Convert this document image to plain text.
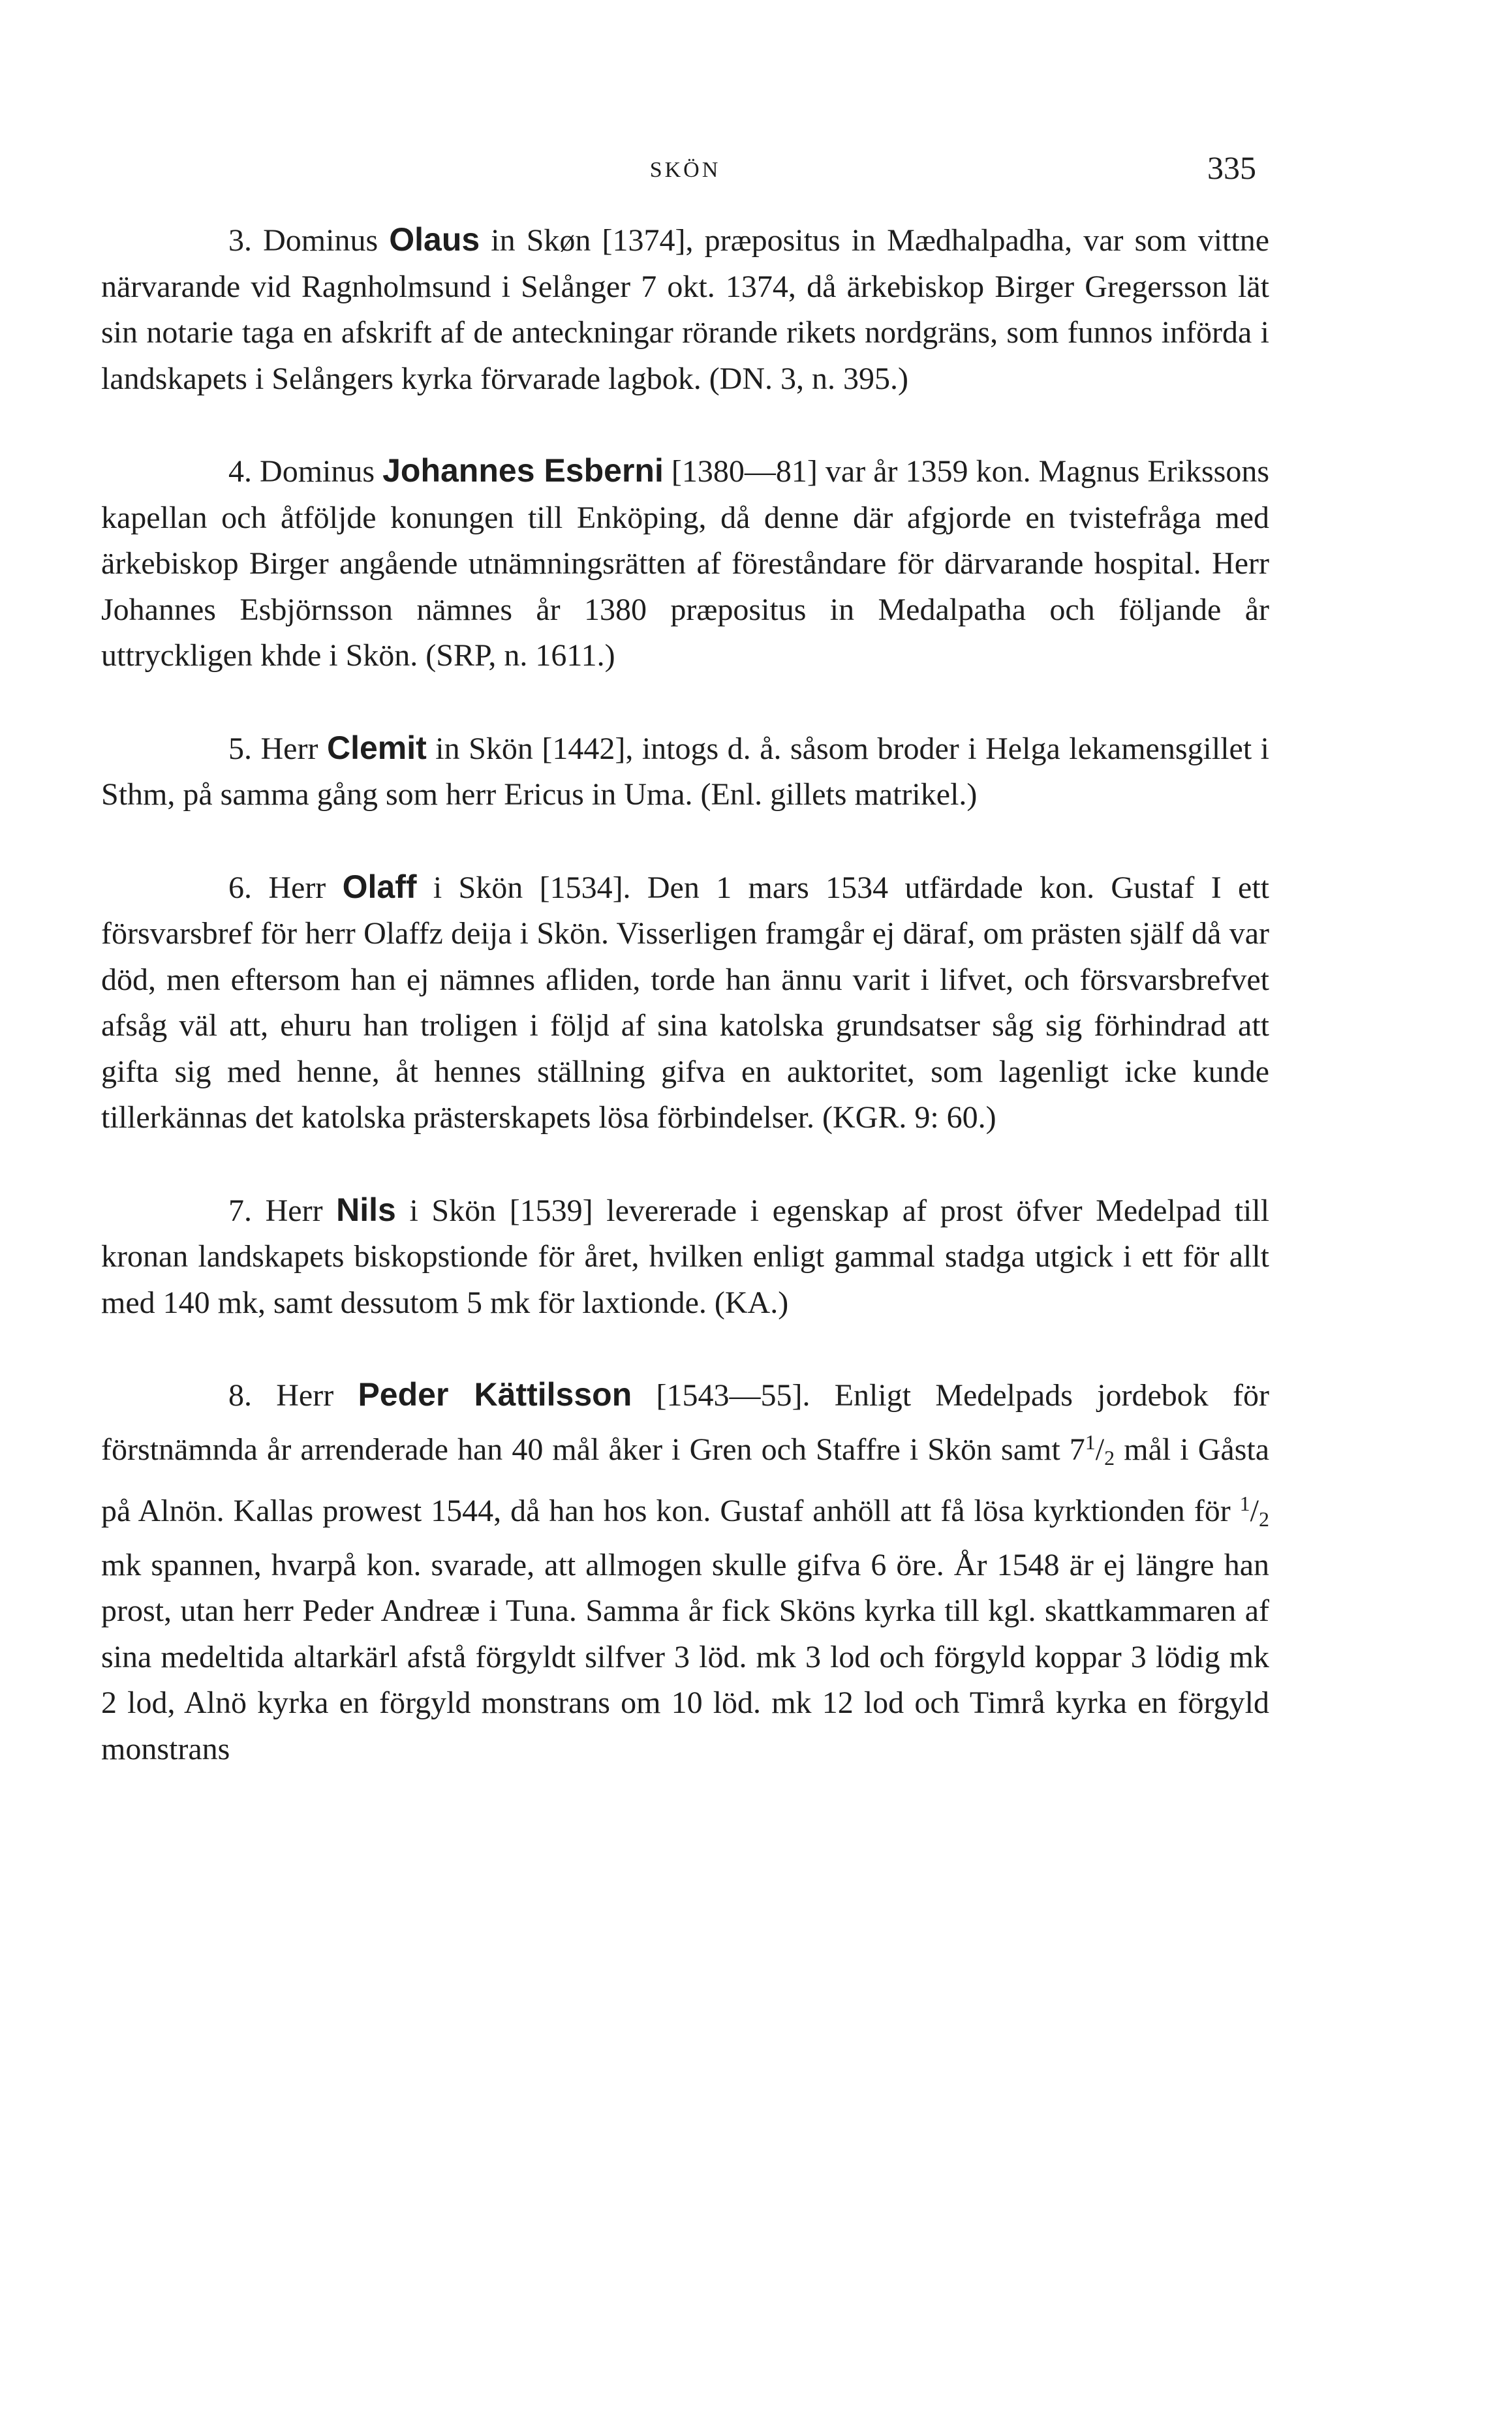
SKÖN	335

3. Dominus Olaus in Skøn [1374], præpositus in Mædhalpadha, var som vittne närvarande vid Ragnholmsund i Selånger 7 okt. 1374, då ärkebiskop Birger Gregersson lät sin notarie taga en afskrift af de anteckningar rörande rikets nordgräns, som funnos införda i landskapets i Selångers kyrka förvarade lagbok. (DN. 3, n. 395.)

4. Dominus Johannes Esberni [1380—81] var år 1359 kon. Magnus Erikssons kapellan och åtföljde konungen till Enköping, då denne där afgjorde en tvistefråga med ärkebiskop Birger angående utnämningsrätten af föreståndare för därvarande hospital. Herr Johannes Esbjörnsson nämnes år 1380 præpositus in Medalpatha och följande år uttryckligen khde i Skön. (SRP, n. 1611.)

5. Herr Clemit in Skön [1442], intogs d. å. såsom broder i Helga lekamensgillet i Sthm, på samma gång som herr Ericus in Uma. (Enl. gillets matrikel.)

6. Herr Olaff i Skön [1534]. Den 1 mars 1534 utfärdade kon. Gustaf I ett försvarsbref för herr Olaffz deija i Skön. Visserligen framgår ej däraf, om prästen själf då var död, men eftersom han ej nämnes afliden, torde han ännu varit i lifvet, och försvarsbrefvet afsåg väl att, ehuru han troligen i följd af sina katolska grundsatser såg sig förhindrad att gifta sig med henne, åt hennes ställning gifva en auktoritet, som lagenligt icke kunde tillerkännas det katolska prästerskapets lösa förbindelser. (KGR. 9: 60.)

7. Herr Nils i Skön [1539] levererade i egenskap af prost öfver Medelpad till kronan landskapets biskopstionde för året, hvilken enligt gammal stadga utgick i ett för allt med 140 mk, samt dessutom 5 mk för laxtionde. (KA.)

8. Herr Peder Kättilsson [1543—55]. Enligt Medelpads jordebok för förstnämnda år arrenderade han 40 mål åker i Gren och Staffre i Skön samt $7^1/_2$ mål i Gåsta på Alnön. Kallas prowest 1544, då han hos kon. Gustaf anhöll att få lösa kyrktionden för $^1/_2$ mk spannen, hvarpå kon. svarade, att allmogen skulle gifva 6 öre. År 1548 är ej längre han prost, utan herr Peder Andreæ i Tuna. Samma år fick Sköns kyrka till kgl. skattkammaren af sina medeltida altarkärl afstå förgyldt silfver 3 löd. mk 3 lod och förgyld koppar 3 lödig mk 2 lod, Alnö kyrka en förgyld monstrans om 10 löd. mk 12 lod och Timrå kyrka en förgyld monstrans
